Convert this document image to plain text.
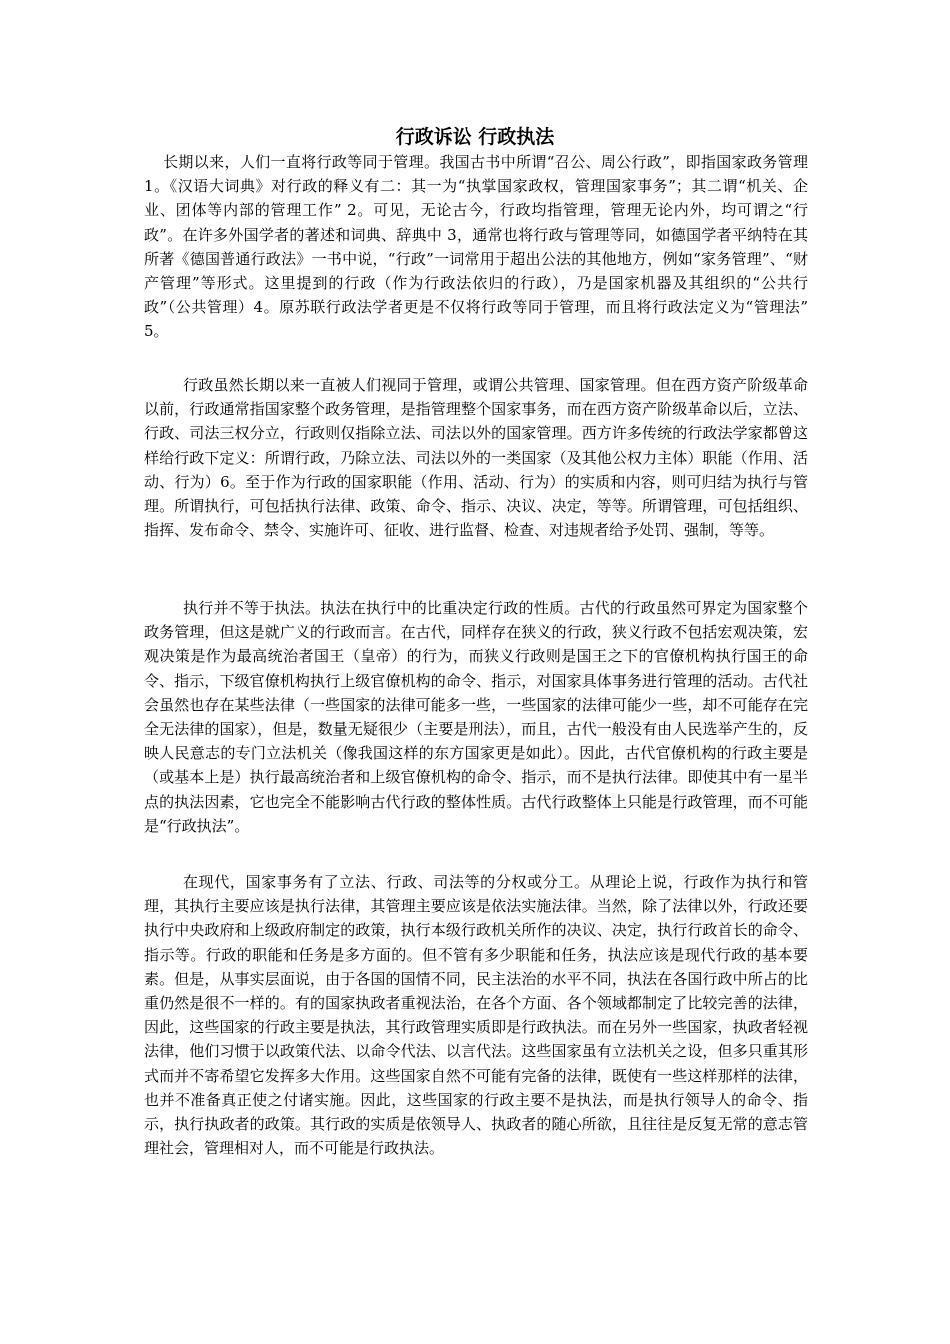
行政诉讼 行政执法

长期以来，人们一直将行政等同于管理。我国古书中所谓“召公、周公行政”，即指国家政务管理 1。《汉语大词典》对行政的释义有二：其一为“执掌国家政权，管理国家事务”；其二谓“机关、企业、团体等内部的管理工作” 2。可见，无论古今，行政均指管理，管理无论内外，均可谓之“行政”。在许多外国学者的著述和词典、辞典中 3，通常也将行政与管理等同，如德国学者平纳特在其所著《德国普通行政法》一书中说，“行政”一词常用于超出公法的其他地方，例如“家务管理”、“财产管理”等形式。这里提到的行政（作为行政法依归的行政），乃是国家机器及其组织的“公共行政”（公共管理）4。原苏联行政法学者更是不仅将行政等同于管理，而且将行政法定义为“管理法” 5。

行政虽然长期以来一直被人们视同于管理，或谓公共管理、国家管理。但在西方资产阶级革命以前，行政通常指国家整个政务管理，是指管理整个国家事务，而在西方资产阶级革命以后，立法、行政、司法三权分立，行政则仅指除立法、司法以外的国家管理。西方许多传统的行政法学家都曾这样给行政下定义：所谓行政，乃除立法、司法以外的一类国家（及其他公权力主体）职能（作用、活动、行为）6。至于作为行政的国家职能（作用、活动、行为）的实质和内容，则可归结为执行与管理。所谓执行，可包括执行法律、政策、命令、指示、决议、决定，等等。所谓管理，可包括组织、指挥、发布命令、禁令、实施许可、征收、进行监督、检查、对违规者给予处罚、强制，等等。

执行并不等于执法。执法在执行中的比重决定行政的性质。古代的行政虽然可界定为国家整个政务管理，但这是就广义的行政而言。在古代，同样存在狭义的行政，狭义行政不包括宏观决策，宏观决策是作为最高统治者国王（皇帝）的行为，而狭义行政则是国王之下的官僚机构执行国王的命令、指示，下级官僚机构执行上级官僚机构的命令、指示，对国家具体事务进行管理的活动。古代社会虽然也存在某些法律（一些国家的法律可能多一些，一些国家的法律可能少一些，却不可能存在完全无法律的国家），但是，数量无疑很少（主要是刑法），而且，古代一般没有由人民选举产生的，反映人民意志的专门立法机关（像我国这样的东方国家更是如此）。因此，古代官僚机构的行政主要是（或基本上是）执行最高统治者和上级官僚机构的命令、指示，而不是执行法律。即使其中有一星半点的执法因素，它也完全不能影响古代行政的整体性质。古代行政整体上只能是行政管理，而不可能是“行政执法”。

在现代，国家事务有了立法、行政、司法等的分权或分工。从理论上说，行政作为执行和管理，其执行主要应该是执行法律，其管理主要应该是依法实施法律。当然，除了法律以外，行政还要执行中央政府和上级政府制定的政策，执行本级行政机关所作的决议、决定，执行行政首长的命令、指示等。行政的职能和任务是多方面的。但不管有多少职能和任务，执法应该是现代行政的基本要素。但是，从事实层面说，由于各国的国情不同，民主法治的水平不同，执法在各国行政中所占的比重仍然是很不一样的。有的国家执政者重视法治，在各个方面、各个领域都制定了比较完善的法律，因此，这些国家的行政主要是执法，其行政管理实质即是行政执法。而在另外一些国家，执政者轻视法律，他们习惯于以政策代法、以命令代法、以言代法。这些国家虽有立法机关之设，但多只重其形式而并不寄希望它发挥多大作用。这些国家自然不可能有完备的法律，既使有一些这样那样的法律，也并不准备真正使之付诸实施。因此，这些国家的行政主要不是执法，而是执行领导人的命令、指示，执行执政者的政策。其行政的实质是依领导人、执政者的随心所欲，且往往是反复无常的意志管理社会，管理相对人，而不可能是行政执法。
